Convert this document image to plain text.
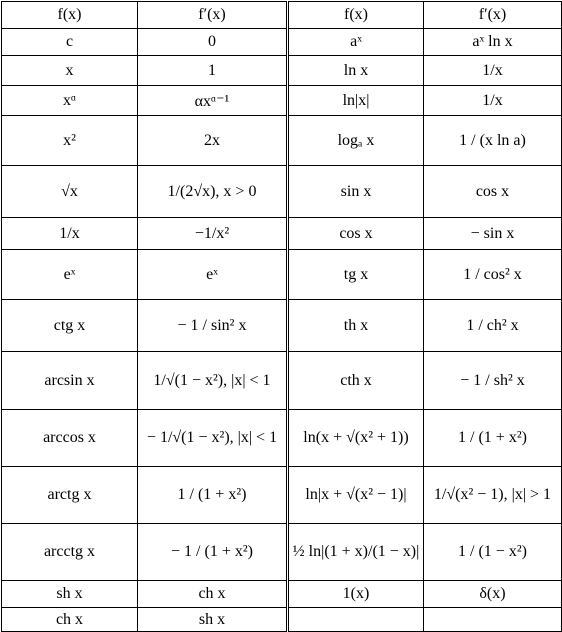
f(x)	f′(x)	f(x)	f′(x)
c	0	aˣ	aˣ ln x
x	1	ln x	1/x
xᵅ	αxᵅ⁻¹	ln|x|	1/x
x²	2x	logₐ x	1 / (x ln a)
√x	1/(2√x), x > 0	sin x	cos x
1/x	−1/x²	cos x	− sin x
eˣ	eˣ	tg x	1 / cos² x
ctg x	− 1 / sin² x	th x	1 / ch² x
arcsin x	1/√(1 − x²), |x| < 1	cth x	− 1 / sh² x
arccos x	− 1/√(1 − x²), |x| < 1	ln(x + √(x² + 1))	1 / (1 + x²)
arctg x	1 / (1 + x²)	ln|x + √(x² − 1)|	1/√(x² − 1), |x| > 1
arcctg x	− 1 / (1 + x²)	½ ln|(1 + x)/(1 − x)|	1 / (1 − x²)
sh x	ch x	1(x)	δ(x)
ch x	sh x		
